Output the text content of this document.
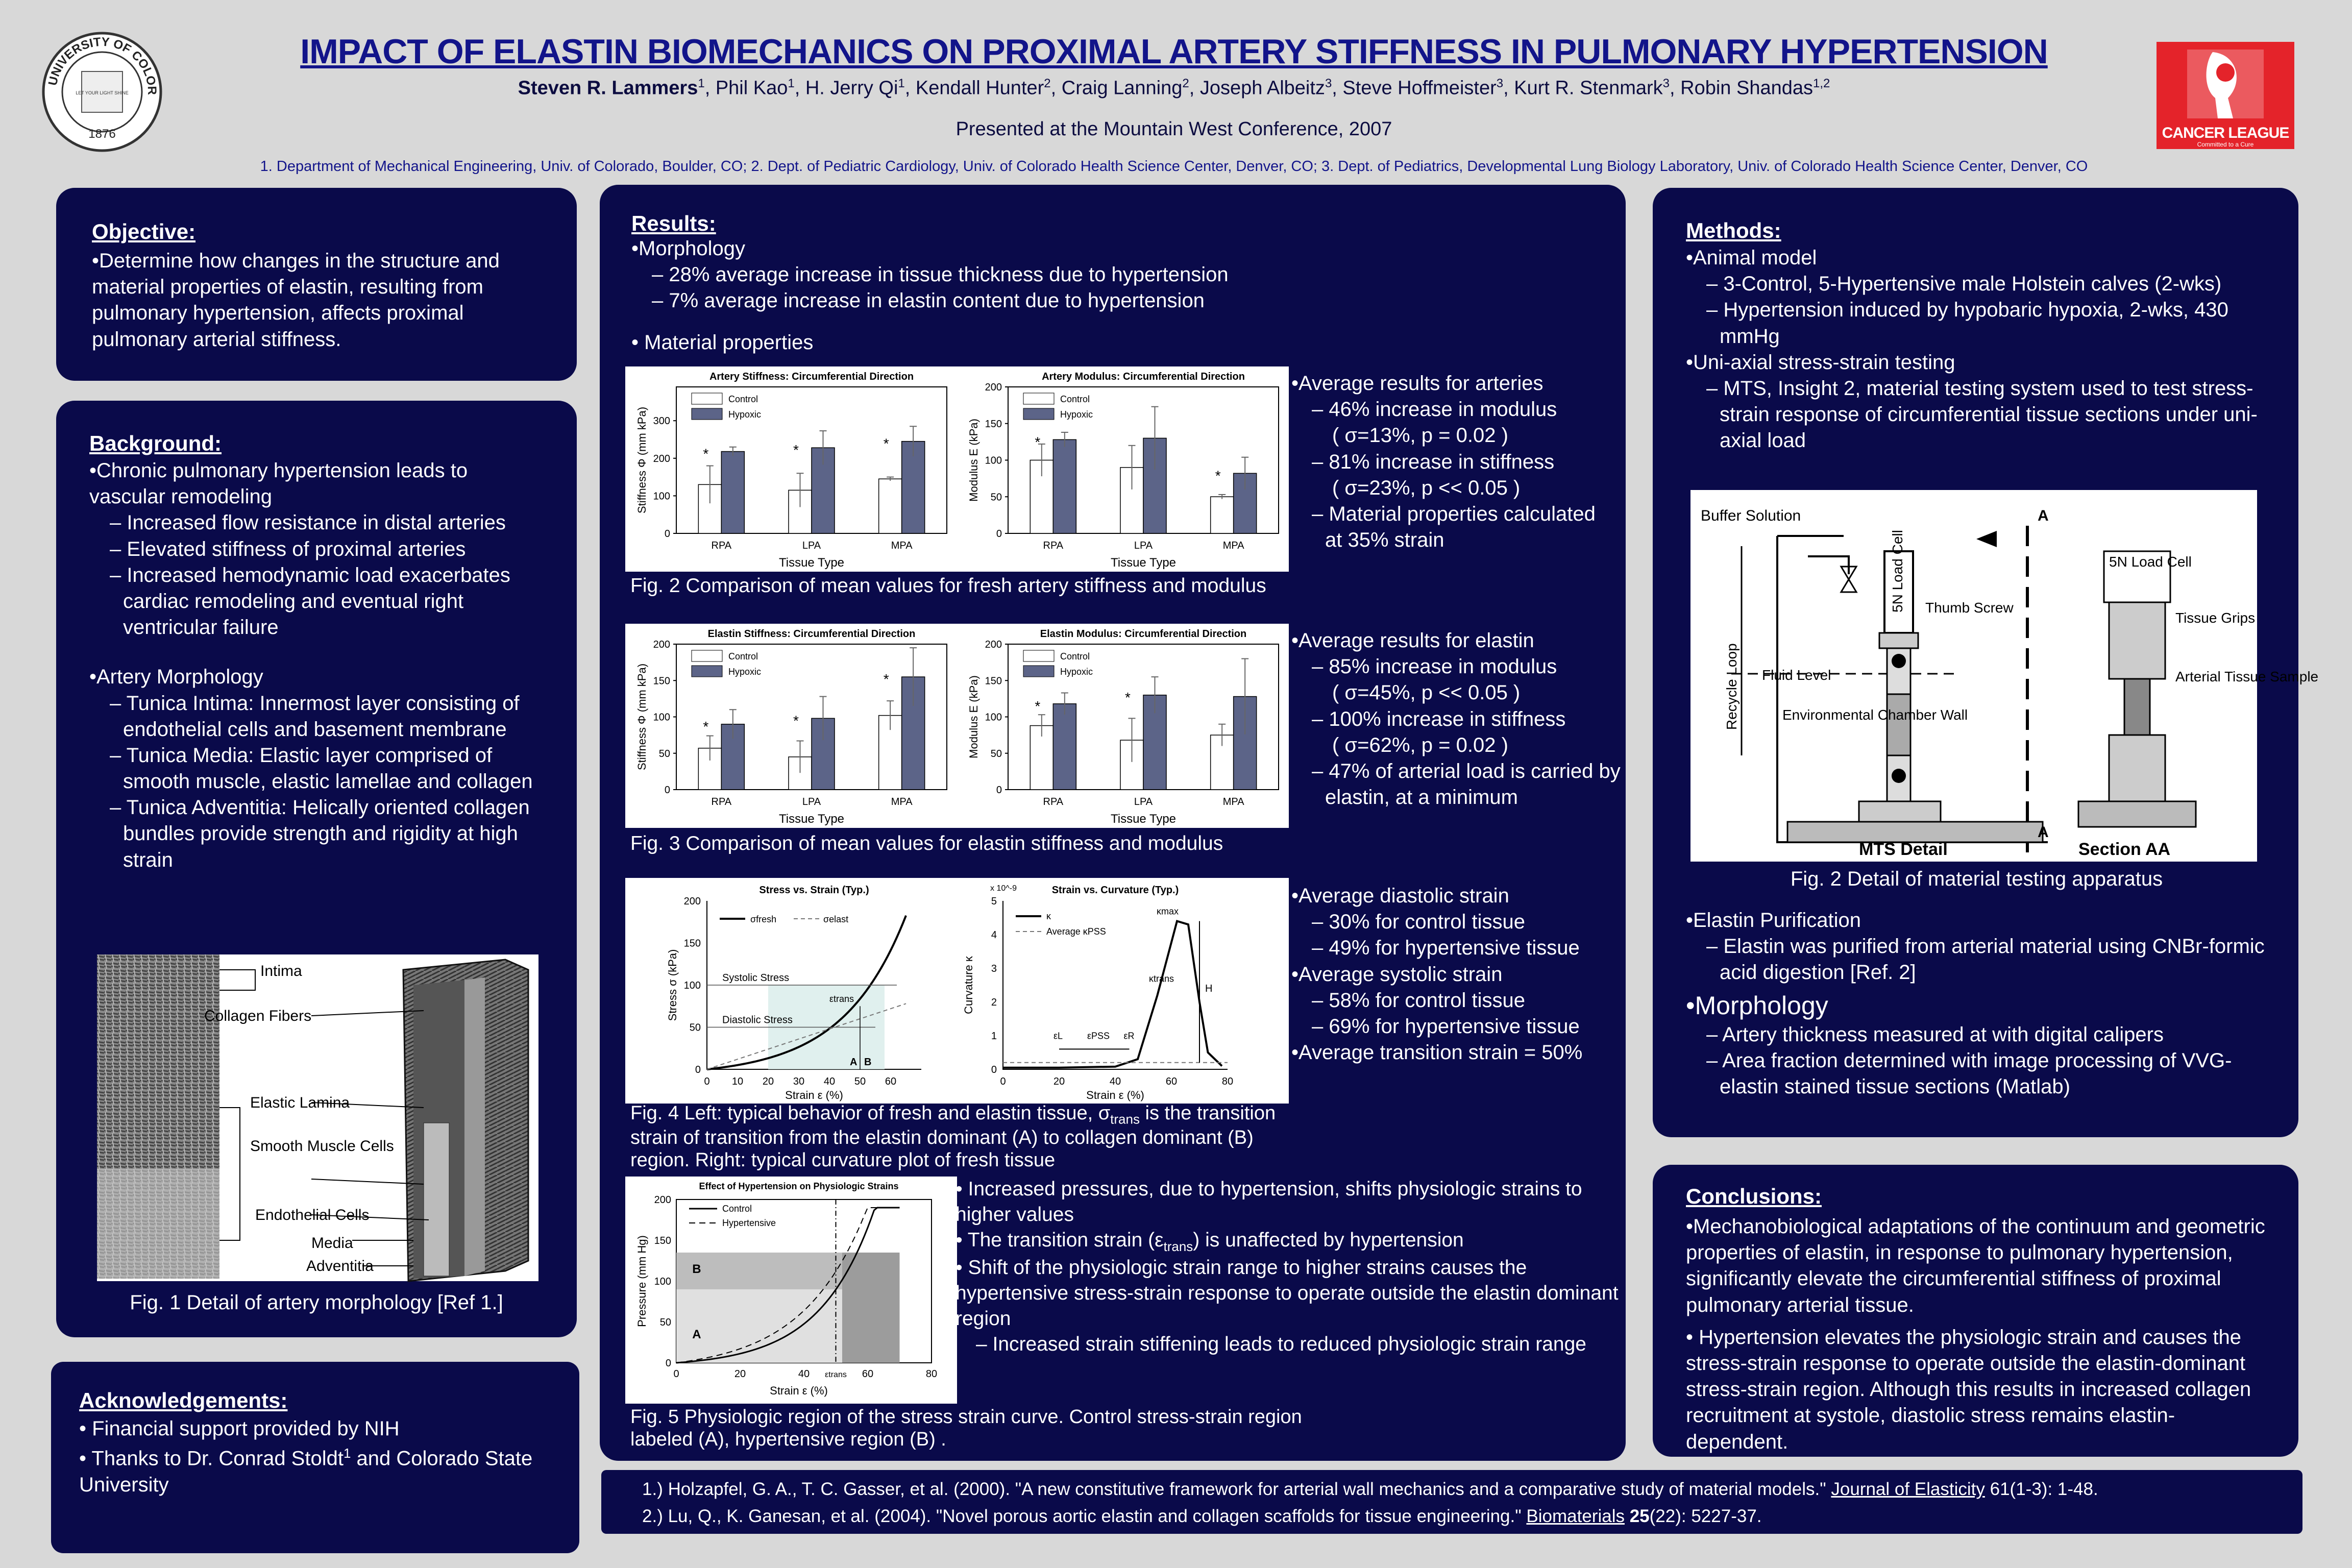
UNIVERSITY OF COLOR
1876
LET YOUR LIGHT SHINE
IMPACT OF ELASTIN BIOMECHANICS ON PROXIMAL ARTERY STIFFNESS IN PULMONARY HYPERTENSION
Steven R. Lammers$^1$, Phil Kao$^1$, H. Jerry Qi$^1$, Kendall Hunter$^2$, Craig Lanning$^2$, Joseph Albeitz$^3$, Steve Hoffmeister$^3$, Kurt R. Stenmark$^3$, Robin Shandas$^{1,2}$
Presented at the Mountain West Conference, 2007
1. Department of Mechanical Engineering, Univ. of Colorado, Boulder, CO; 2. Dept. of Pediatric Cardiology, Univ. of Colorado Health Science Center, Denver, CO; 3. Dept. of Pediatrics, Developmental Lung Biology Laboratory, Univ. of Colorado Health Science Center, Denver, CO
CANCER LEAGUE
Committed to a Cure
Objective:
•Determine how changes in the structure and material properties of elastin, resulting from pulmonary hypertension, affects proximal pulmonary arterial stiffness.
Background:
•Chronic pulmonary hypertension leads to vascular remodeling
– Increased flow resistance in distal arteries
– Elevated stiffness of proximal arteries
– Increased hemodynamic load exacerbates cardiac remodeling and eventual right ventricular failure
•Artery Morphology
– Tunica Intima: Innermost layer consisting of endothelial cells and basement membrane
– Tunica Media: Elastic layer comprised of smooth muscle, elastic lamellae and collagen
– Tunica Adventitia: Helically oriented collagen bundles provide strength and rigidity at high strain
Intima
Collagen Fibers
Elastic Lamina
Smooth Muscle Cells
Endothelial Cells
Media
Adventitia
Fig. 1 Detail of artery morphology [Ref 1.]
Acknowledgements:
• Financial support provided by NIH
• Thanks to Dr. Conrad Stoldt$^1$ and Colorado State University
Results:
•Morphology
– 28% average increase in tissue thickness due to hypertension
– 7% average increase in elastin content due to hypertension
• Material properties
Artery Stiffness: Circumferential Direction
0
100
200
300
Stiffness Φ (mm kPa)
Tissue Type
RPA
*
LPA
*
MPA
*
Control
Hypoxic
Artery Modulus: Circumferential Direction
0
50
100
150
200
Modulus E (kPa)
Tissue Type
RPA
*
LPA	MPA
*
Control
Hypoxic
Fig. 2 Comparison of mean values for fresh artery stiffness and modulus
•Average results for arteries
– 46% increase in modulus
( σ=13%, p = 0.02 )
– 81% increase in stiffness
( σ=23%, p << 0.05 )
– Material properties calculated at 35% strain
Elastin Stiffness: Circumferential Direction
0
50
100
150
200
Stiffness Φ (mm kPa)
Tissue Type
RPA
*
LPA
*
MPA
*
Control
Hypoxic
Elastin Modulus: Circumferential Direction
0
50
100
150
200
Modulus E (kPa)
Tissue Type
RPA
*
LPA
*
MPA
Control
Hypoxic
Fig. 3 Comparison of mean values for elastin stiffness and modulus
•Average results for elastin
– 85% increase in modulus
( σ=45%, p << 0.05 )
– 100% increase in stiffness
( σ=62%, p = 0.02 )
– 47% of arterial load is carried by elastin, at a minimum
Stress vs. Strain (Typ.)
0
50
100
150
200
0 10 20 30 40 50 60
Stress σ (kPa)
Strain ε (%)
Systolic Stress
Diastolic Stress
εtrans
A B
σfresh	σelast
Strain vs. Curvature (Typ.)
0
1
2
3
4
5
0	20	40	60	80
x 10^-9
Curvature κ
Strain ε (%)
κmax
κtrans
H
εL	εPSS εR
κ
Average κPSS
Fig. 4 Left: typical behavior of fresh and elastin tissue, $\sigma_{trans}$ is the transition strain of transition from the elastin dominant (A) to collagen dominant (B) region. Right: typical curvature plot of fresh tissue
•Average diastolic strain
– 30% for control tissue
– 49% for hypertensive tissue
•Average systolic strain
– 58% for control tissue
– 69% for hypertensive tissue
•Average transition strain = 50%
Effect of Hypertension on Physiologic Strains
0
50
100
150
200
0	20	40	60	80
Pressure (mm Hg)
Strain ε (%)
B
A
εtrans
Control
Hypertensive
Fig. 5 Physiologic region of the stress strain curve. Control stress-strain region labeled (A), hypertensive region (B) .
• Increased pressures, due to hypertension, shifts physiologic strains to higher values
• The transition strain $(\varepsilon_{trans})$ is unaffected by hypertension
• Shift of the physiologic strain range to higher strains causes the hypertensive stress-strain response to operate outside the elastin dominant region
– Increased strain stiffening leads to reduced physiologic strain range
Methods:
•Animal model
– 3-Control, 5-Hypertensive male Holstein calves (2-wks)
– Hypertension induced by hypobaric hypoxia, 2-wks, 430 mmHg
•Uni-axial stress-strain testing
– MTS, Insight 2, material testing system used to test stress-strain response of circumferential tissue sections under uni-axial load
Buffer Solution
5N Load Cell Thumb Screw
Fluid Level
Recycle Loop	Environmental Chamber Wall
5N Load Cell
Tissue Grips
Arterial Tissue Sample
MTS Detail	Section AA
A
A
Fig. 2 Detail of material testing apparatus
•Elastin Purification
– Elastin was purified from arterial material using CNBr-formic acid digestion [Ref. 2]
•Morphology
– Artery thickness measured at with digital calipers
– Area fraction determined with image processing of VVG-elastin stained tissue sections (Matlab)
Conclusions:
•Mechanobiological adaptations of the continuum and geometric properties of elastin, in response to pulmonary hypertension, significantly elevate the circumferential stiffness of proximal pulmonary arterial tissue.
• Hypertension elevates the physiologic strain and causes the stress-strain response to operate outside the elastin-dominant stress-strain region. Although this results in increased collagen recruitment at systole, diastolic stress remains elastin-dependent.
1.) Holzapfel, G. A., T. C. Gasser, et al. (2000). "A new constitutive framework for arterial wall mechanics and a comparative study of material models." Journal of Elasticity 61(1-3): 1-48.
2.) Lu, Q., K. Ganesan, et al. (2004). "Novel porous aortic elastin and collagen scaffolds for tissue engineering." Biomaterials 25(22): 5227-37.
